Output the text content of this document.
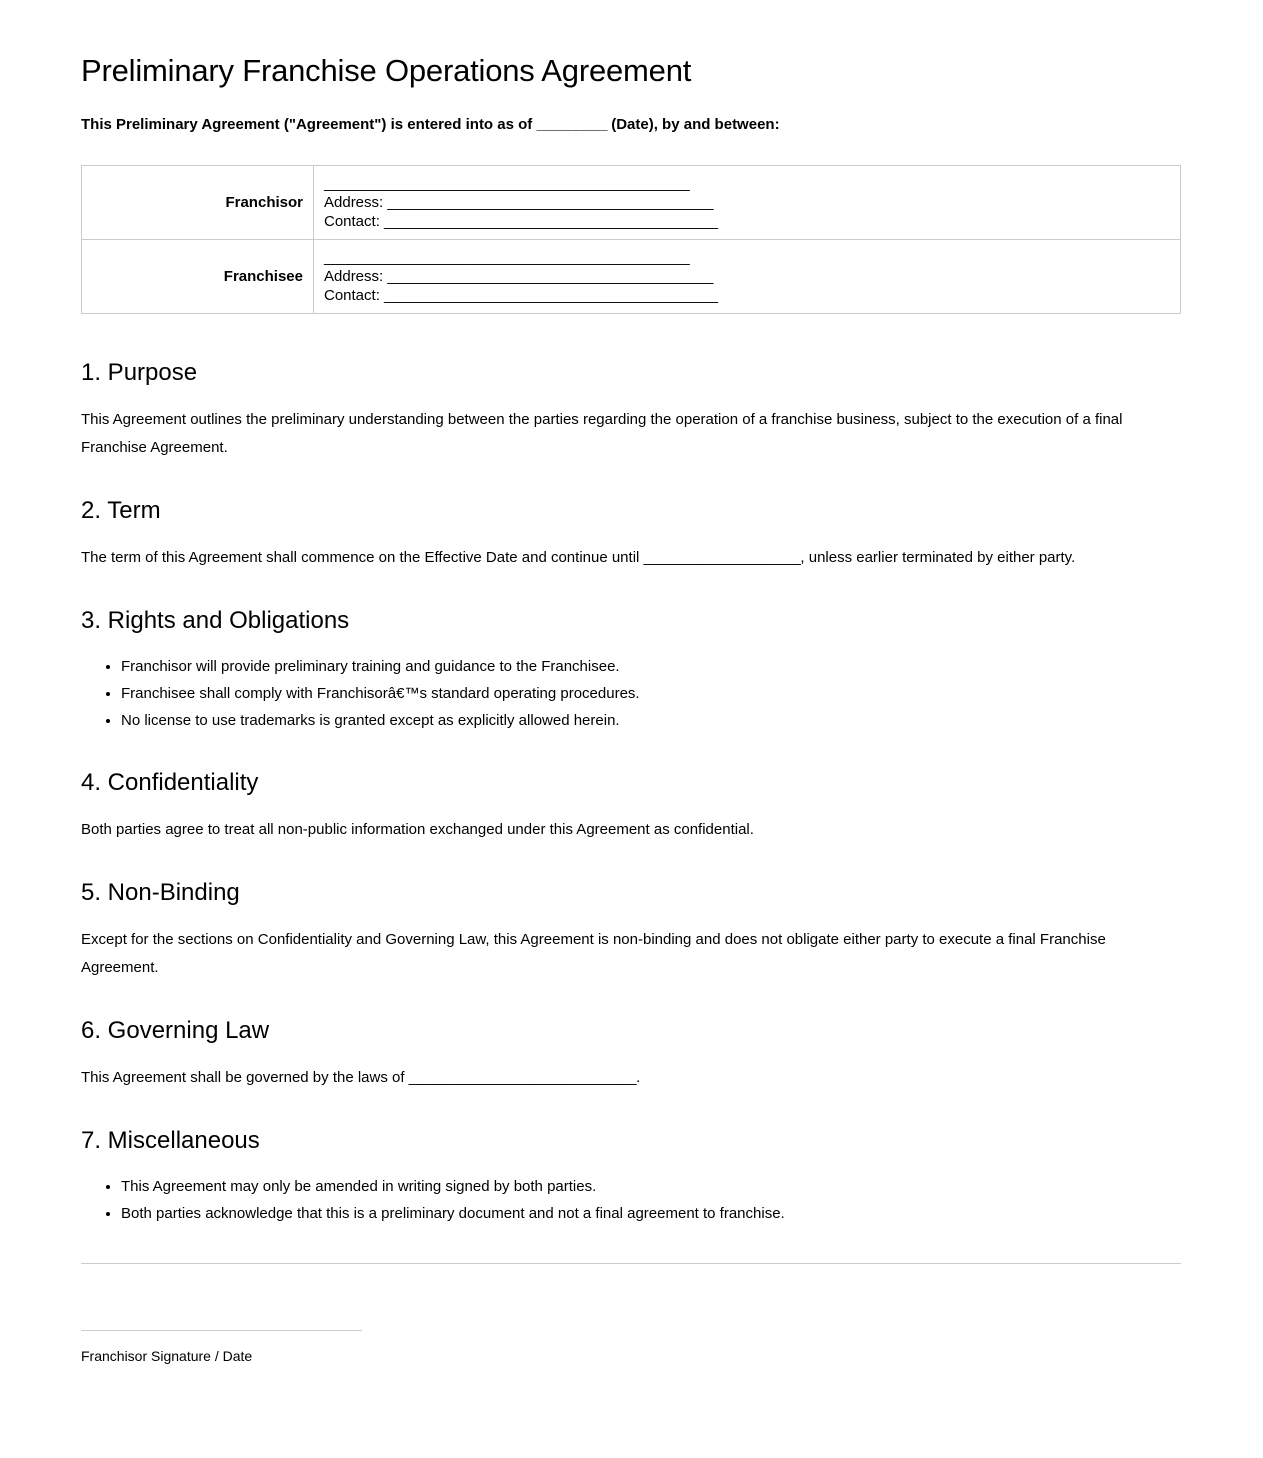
Preliminary Franchise Operations Agreement

This Preliminary Agreement ("Agreement") is entered into as of _________ (Date), by and between:

Franchisor	______________________________________________
Address: _________________________________________
Contact: __________________________________________

Franchisee	______________________________________________
Address: _________________________________________
Contact: __________________________________________
1. Purpose

This Agreement outlines the preliminary understanding between the parties regarding the operation of a franchise business, subject to the execution of a final Franchise Agreement.

2. Term

The term of this Agreement shall commence on the Effective Date and continue until ____________________, unless earlier terminated by either party.

3. Rights and Obligations
• Franchisor will provide preliminary training and guidance to the Franchisee.
• Franchisee shall comply with Franchisorâ€™s standard operating procedures.
• No license to use trademarks is granted except as explicitly allowed herein.
4. Confidentiality

Both parties agree to treat all non-public information exchanged under this Agreement as confidential.

5. Non-Binding

Except for the sections on Confidentiality and Governing Law, this Agreement is non-binding and does not obligate either party to execute a final Franchise Agreement.

6. Governing Law

This Agreement shall be governed by the laws of _____________________________.

7. Miscellaneous
• This Agreement may only be amended in writing signed by both parties.
• Both parties acknowledge that this is a preliminary document and not a final agreement to franchise.
Franchisor Signature / Date
